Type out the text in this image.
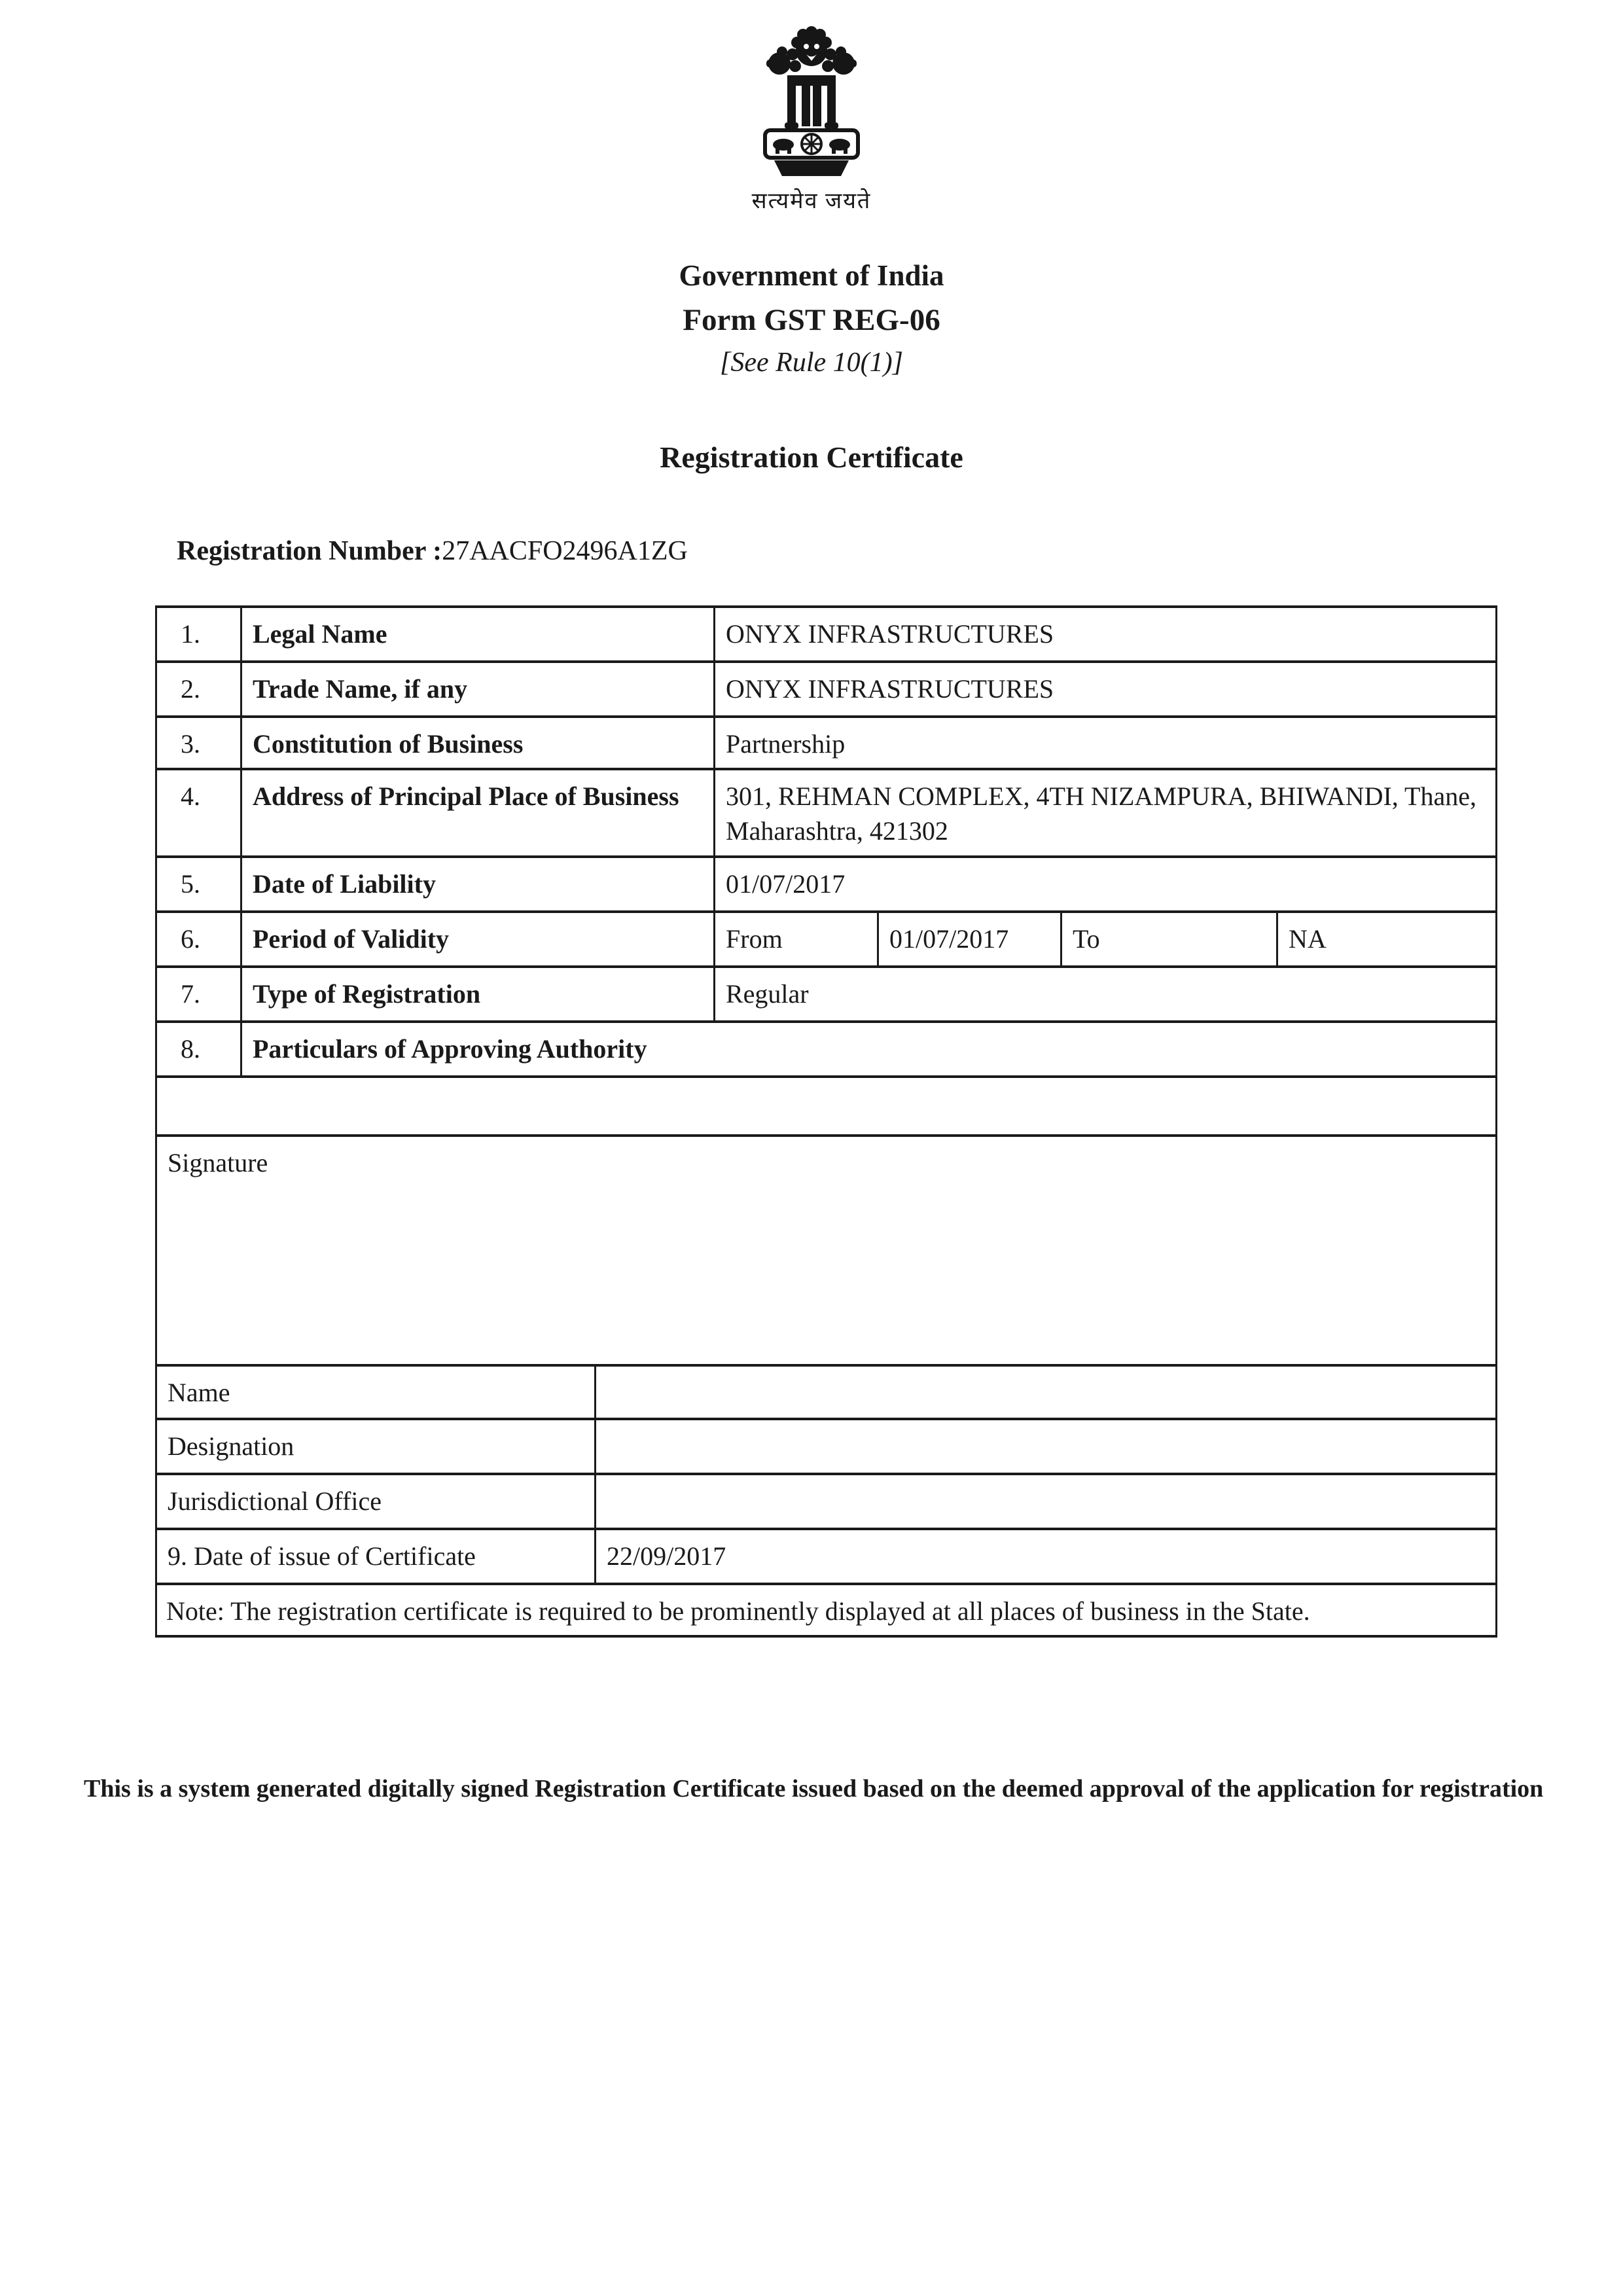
सत्यमेव जयते
Government of India
Form GST REG-06
[See Rule 10(1)]
Registration Certificate
Registration Number :27AACFO2496A1ZG
1.	Legal Name	ONYX INFRASTRUCTURES			
2.	Trade Name, if any	ONYX INFRASTRUCTURES			
3.	Constitution of Business	Partnership			
4.	Address of Principal Place of Business	301, REHMAN COMPLEX, 4TH NIZAMPURA, BHIWANDI, Thane, Maharashtra, 421302			
5.	Date of Liability	01/07/2017			
6.	Period of Validity	From	01/07/2017	To	NA
7.	Type of Registration	Regular			
8.	Particulars of Approving Authority				

Signature					
Name	
Designation	
Jurisdictional Office	
9. Date of issue of Certificate	22/09/2017
Note: The registration certificate is required to be prominently displayed at all places of business in the State.	
This is a system generated digitally signed Registration Certificate issued based on the deemed approval of the application for registration
